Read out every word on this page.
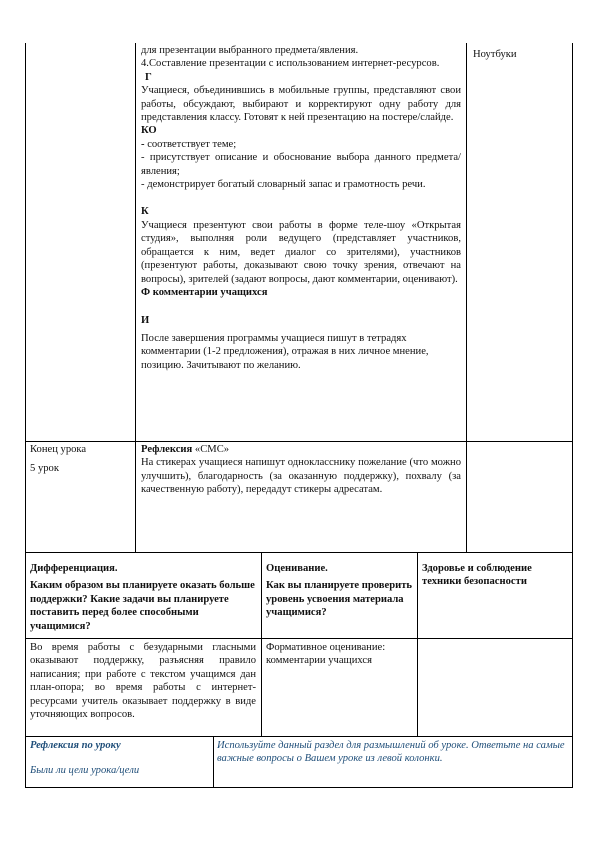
для презентации выбранного предмета/явления.

4.Составление презентации с использованием интернет-ресурсов.

Г

Учащиеся, объединившись в мобильные группы, представляют свои работы, обсуждают, выбирают и корректируют одну работу для представления классу. Готовят к ней презентацию на постере/слайде.

КО

- соответствует теме;

- присутствует описание и обоснование выбора данного предмета/явления;

- демонстрирует богатый словарный запас и грамотность речи.

К

Учащиеся презентуют свои работы в форме теле-шоу «Открытая студия», выполняя роли ведущего (представляет участников, обращается к ним, ведет диалог со зрителями), участников (презентуют работы, доказывают свою точку зрения, отвечают на вопросы), зрителей (задают вопросы, дают комментарии, оценивают).

Ф комментарии учащихся

И

После завершения программы учащиеся пишут в тетрадях комментарии (1-2 предложения), отражая в них личное мнение, позицию. Зачитывают по желанию.

Ноутбуки

Конец урока

5 урок

Рефлексия «СМС»

На стикерах учащиеся напишут однокласснику пожелание (что можно улучшить), благодарность (за оказанную поддержку), похвалу (за качественную работу), передадут стикеры адресатам.

Дифференциация.

Каким образом вы планируете оказать больше поддержки? Какие задачи вы планируете поставить перед более способными учащимися?

Оценивание.

Как вы планируете проверить уровень усвоения материала учащимися?

Здоровье и соблюдение техники безопасности

Во время работы с безударными гласными оказывают поддержку, разъясняя правило написания; при работе с текстом учащимся дан план-опора; во время работы с интернет- ресурсами учитель оказывает поддержку в виде уточняющих вопросов.

Формативное оценивание:

комментарии учащихся

Рефлексия по уроку

Были ли цели урока/цели

Используйте данный раздел для размышлений об уроке. Ответьте на самые важные вопросы о Вашем уроке из левой колонки.
